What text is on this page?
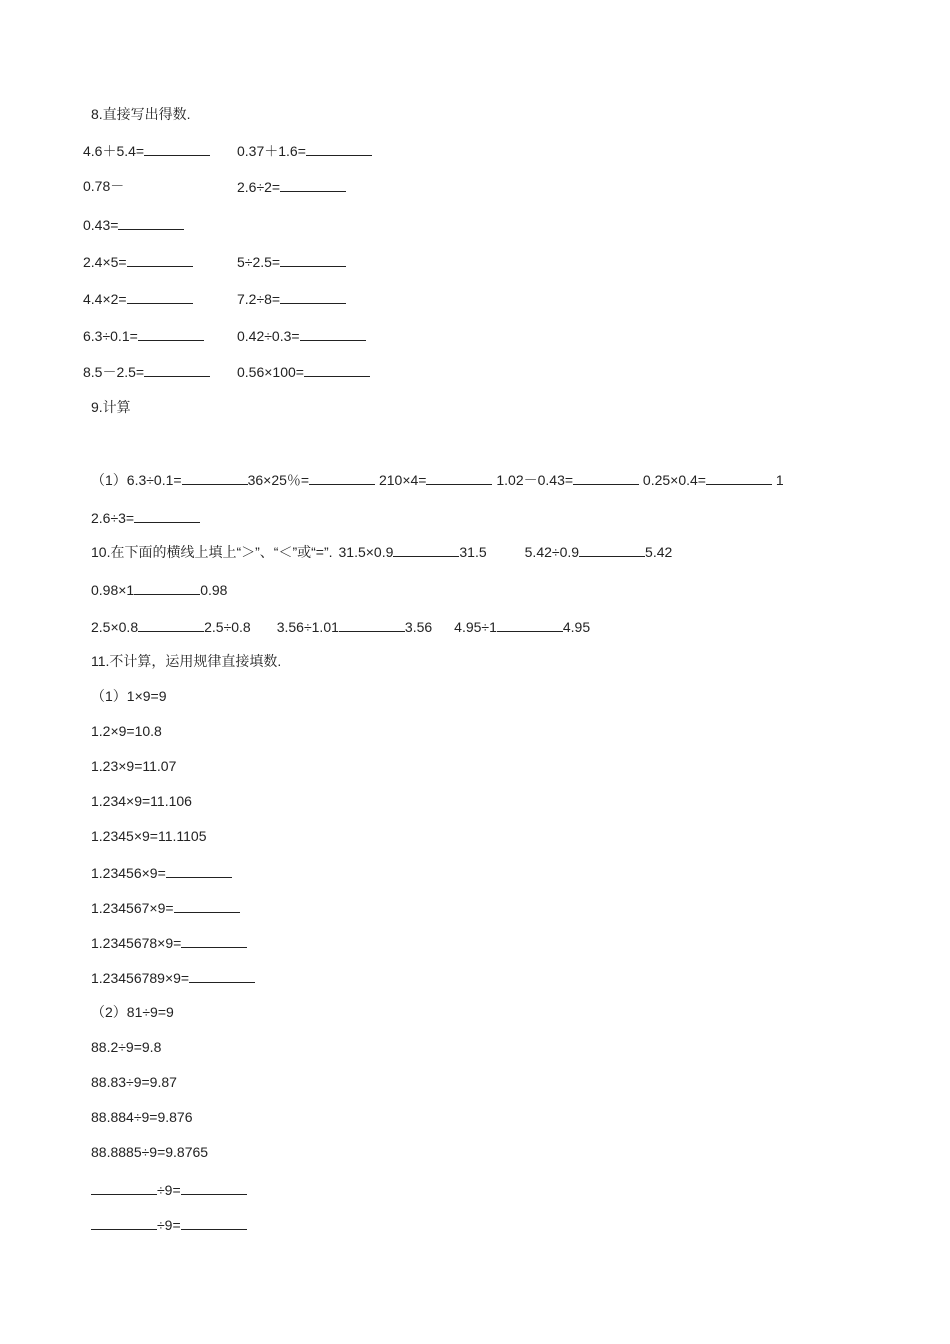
8.直接写出得数.
4.6＋5.4=	0.37＋1.6=
0.78－	2.6÷2=
0.43=
2.4×5=	5÷2.5=
4.4×2=	7.2÷8=
6.3÷0.1=	0.42÷0.3=
8.5－2.5=	0.56×100=
9.计算
（1）6.3÷0.1=	36×25％=	210×4=	1.02－0.43=	0.25×0.4=	1
2.6÷3=
10.在下面的横线上填上“＞”、“＜”或“=”. 31.5×0.9	31.5	5.42÷0.9	5.42
0.98×1	0.98
2.5×0.8	2.5÷0.8 3.56÷1.01	3.56 4.95÷1	4.95
11.不计算，运用规律直接填数.
（1）1×9=9
1.2×9=10.8
1.23×9=11.07
1.234×9=11.106
1.2345×9=11.1105
1.23456×9=
1.234567×9=
1.2345678×9=
1.23456789×9=
（2）81÷9=9
88.2÷9=9.8
88.83÷9=9.87
88.884÷9=9.876
88.8885÷9=9.8765
÷9=
÷9=
